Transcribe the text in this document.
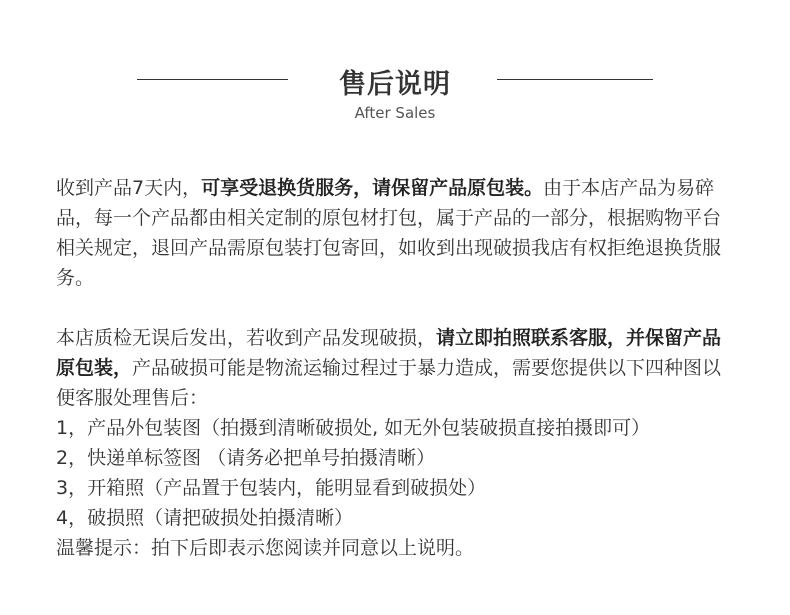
售后说明
After Sales

收到产品7天内，可享受退换货服务，请保留产品原包装。由于本店产品为易碎品，每一个产品都由相关定制的原包材打包，属于产品的一部分，根据购物平台相关规定，退回产品需原包装打包寄回，如收到出现破损我店有权拒绝退换货服务。

本店质检无误后发出，若收到产品发现破损，请立即拍照联系客服，并保留产品原包装，产品破损可能是物流运输过程过于暴力造成，需要您提供以下四种图以便客服处理售后：

1，产品外包装图（拍摄到清晰破损处, 如无外包装破损直接拍摄即可）
2，快递单标签图 （请务必把单号拍摄清晰）
3，开箱照（产品置于包装内，能明显看到破损处）
4，破损照（请把破损处拍摄清晰）
温馨提示：拍下后即表示您阅读并同意以上说明。
